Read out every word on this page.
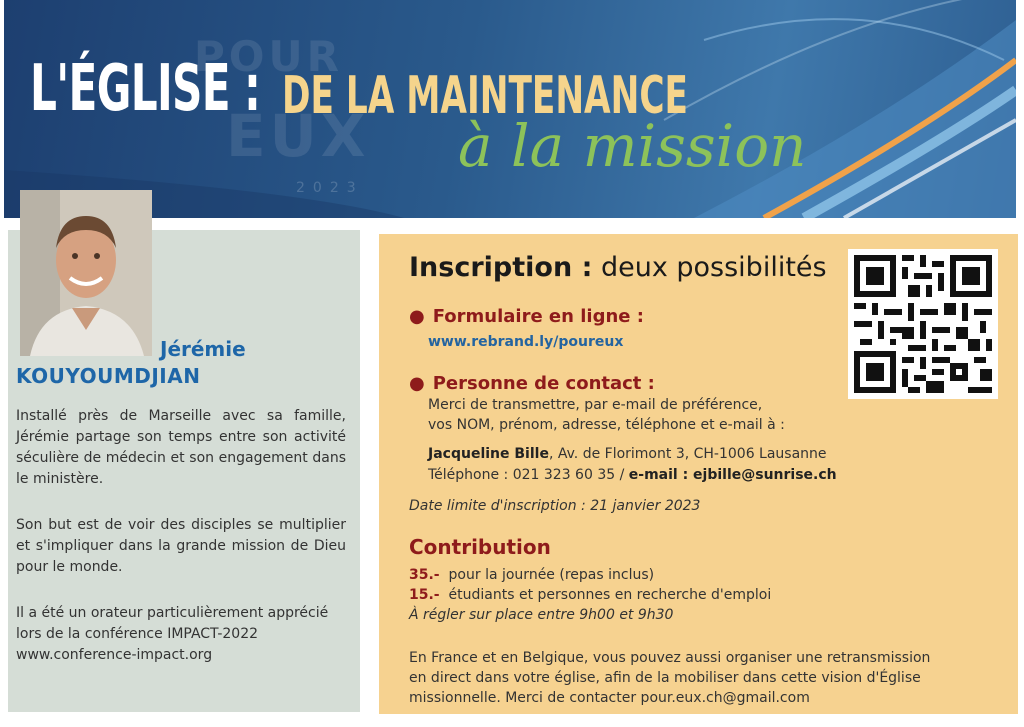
POUR
EUX
2023
L'ÉGLISE : DE LA MAINTENANCE
à la mission
Jérémie
KOUYOUMDJIAN

Installé près de Marseille avec sa famille, Jérémie partage son temps entre son activité séculière de médecin et son engagement dans le ministère.

Son but est de voir des disciples se multiplier et s'impliquer dans la grande mission de Dieu pour le monde.

Il a été un orateur particulièrement apprécié lors de la conférence IMPACT-2022 www.conference-impact.org

Inscription : deux possibilités
● Formulaire en ligne :
www.rebrand.ly/poureux
● Personne de contact :
Merci de transmettre, par e-mail de préférence,
vos NOM, prénom, adresse, téléphone et e-mail à :
Jacqueline Bille, Av. de Florimont 3, CH-1006 Lausanne
Téléphone : 021 323 60 35 / e-mail : ejbille@sunrise.ch
Date limite d'inscription : 21 janvier 2023
Contribution
35.- pour la journée (repas inclus)
15.- étudiants et personnes en recherche d'emploi
À régler sur place entre 9h00 et 9h30
En France et en Belgique, vous pouvez aussi organiser une retransmission
en direct dans votre église, afin de la mobiliser dans cette vision d'Église
missionnelle. Merci de contacter pour.eux.ch@gmail.com
